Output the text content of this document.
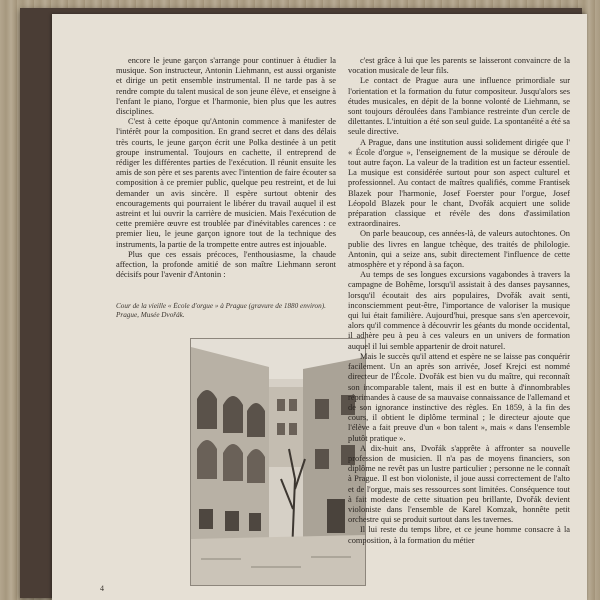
encore le jeune garçon s'arrange pour continuer à étudier la musique. Son instructeur, Antonin Liehmann, est aussi organiste et dirige un petit ensemble instrumental. Il ne tarde pas à se rendre compte du talent musical de son jeune élève, et enseigne à l'enfant le piano, l'orgue et l'harmonie, bien plus que les autres disciplines.

C'est à cette époque qu'Antonin commence à manifester de l'intérêt pour la composition. En grand secret et dans des délais très courts, le jeune garçon écrit une Polka destinée à un petit groupe instrumental. Toujours en cachette, il entreprend de rédiger les différentes parties de l'exécution. Il réunit ensuite les amis de son père et ses parents avec l'intention de faire écouter sa composition à ce premier public, quelque peu restreint, et de lui demander un avis sincère. Il espère surtout obtenir des encouragements qui pourraient le libérer du travail auquel il est astreint et lui ouvrir la carrière de musicien. Mais l'exécution de cette première œuvre est troublée par d'inévitables carences : ce premier lieu, le jeune garçon ignore tout de la technique des instruments, la partie de la trompette entre autres est injouable.

Plus que ces essais précoces, l'enthousiasme, la chaude affection, la profonde amitié de son maître Liehmann seront décisifs pour l'avenir d'Antonin :

Cour de la vieille « École d'orgue » à Prague (gravure de 1880 environ). Prague, Musée Dvořák.

c'est grâce à lui que les parents se laisseront convaincre de la vocation musicale de leur fils.

Le contact de Prague aura une influence primordiale sur l'orientation et la formation du futur compositeur. Jusqu'alors ses études musicales, en dépit de la bonne volonté de Liehmann, se sont toujours déroulées dans l'ambiance restreinte d'un cercle de dilettantes. L'intuition a été son seul guide. La spontanéité a été sa seule directive.

A Prague, dans une institution aussi solidement dirigée que l' « École d'orgue », l'enseignement de la musique se déroule de tout autre façon. La valeur de la tradition est un facteur essentiel. La musique est considérée surtout pour son aspect culturel et professionnel. Au contact de maîtres qualifiés, comme Frantisek Blazek pour l'harmonie, Josef Foerster pour l'orgue, Josef Léopold Blazek pour le chant, Dvořák acquiert une solide préparation classique et révèle des dons d'assimilation extraordinaires.

On parle beaucoup, ces années-là, de valeurs autochtones. On publie des livres en langue tchèque, des traités de philologie. Antonin, qui a seize ans, subit directement l'influence de cette atmosphère et y répond à sa façon.

Au temps de ses longues excursions vagabondes à travers la campagne de Bohême, lorsqu'il assistait à des danses paysannes, lorsqu'il écoutait des airs populaires, Dvořák avait senti, inconsciemment peut-être, l'importance de valoriser la musique qui lui était familière. Aujourd'hui, presque sans s'en apercevoir, alors qu'il commence à découvrir les géants du monde occidental, il adhère peu à peu à ces valeurs en un univers de formation auquel il lui semble appartenir de droit naturel.

Mais le succès qu'il attend et espère ne se laisse pas conquérir facilement. Un an après son arrivée, Josef Krejci est nommé directeur de l'École. Dvořák est bien vu du maître, qui reconnaît son incomparable talent, mais il est en butte à d'innombrables réprimandes à cause de sa mauvaise connaissance de l'allemand et de son ignorance instinctive des règles. En 1859, à la fin des cours, il obtient le diplôme terminal ; le directeur ajoute que l'élève a fait preuve d'un « bon talent », mais « dans l'ensemble plutôt pratique ».

A dix-huit ans, Dvořák s'apprête à affronter sa nouvelle profession de musicien. Il n'a pas de moyens financiers, son diplôme ne revêt pas un lustre particulier ; personne ne le connaît à Prague. Il est bon violoniste, il joue aussi correctement de l'alto et de l'orgue, mais ses ressources sont limitées. Conséquence tout à fait modeste de cette situation peu brillante, Dvořák devient violoniste dans l'ensemble de Karel Komzak, honnête petit orchestre qui se produit surtout dans les tavernes.

Il lui reste du temps libre, et ce jeune homme consacre à la composition, à la formation du métier

4
